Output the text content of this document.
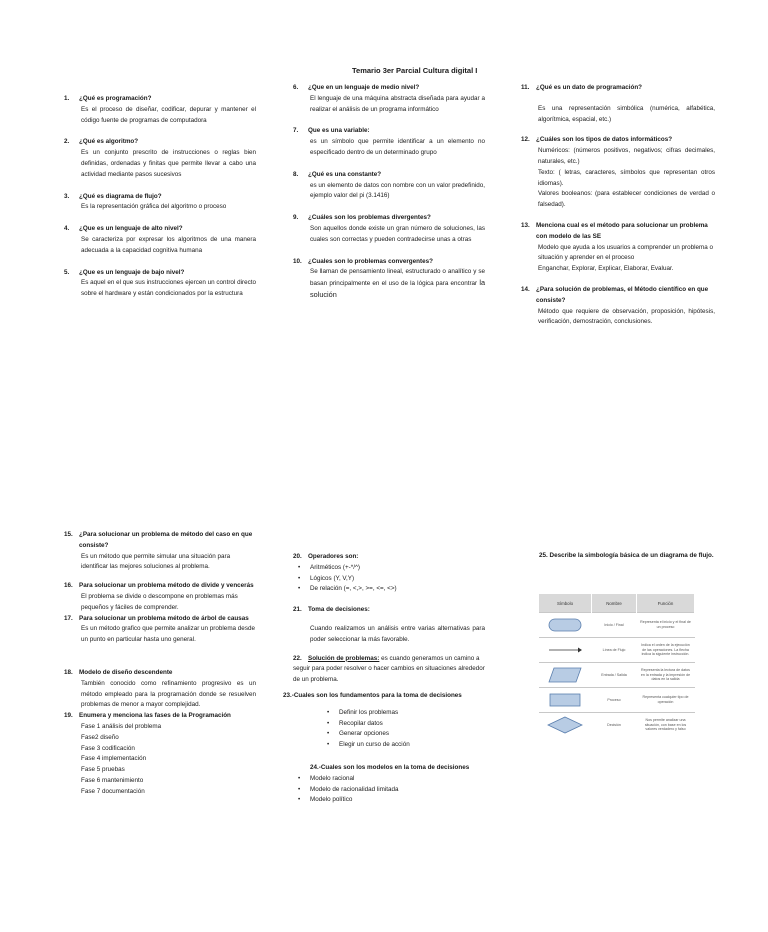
Temario 3er Parcial Cultura digital I
1.	¿Qué es programación?
Es el proceso de diseñar, codificar, depurar y mantener el código fuente de programas de computadora
2.	¿Qué es algoritmo?
Es un conjunto prescrito de instrucciones o reglas bien definidas, ordenadas y finitas que permite llevar a cabo una actividad mediante pasos sucesivos
3.	¿Qué es diagrama de flujo?
Es la representación gráfica del algoritmo o proceso
4.	¿Que es un lenguaje de alto nivel?
Se caracteriza por expresar los algoritmos de una manera adecuada a la capacidad cognitiva humana
5.	¿Que es un lenguaje de bajo nivel?
Es aquel en el que sus instrucciones ejercen un control directo sobre el hardware y están condicionados por la estructura
6.	¿Que en un lenguaje de medio nivel?
El lenguaje de una máquina abstracta diseñada para ayudar a realizar el análisis de un programa informático
7.	Que es una variable:
es un símbolo que permite identificar a un elemento no especificado dentro de un determinado grupo
8.	¿Qué es una constante?
es un elemento de datos con nombre con un valor predefinido, ejemplo valor del pi (3.1416)
9.	¿Cuáles son los problemas divergentes?
Son aquellos donde existe un gran número de soluciones, las cuales son correctas y pueden contradecirse unas a otras
10. ¿Cuales son lo problemas convergentes?
Se llaman de pensamiento lineal, estructurado o analítico y se basan principalmente en el uso de la lógica para encontrar la solución
11.	¿Qué es un dato de programación?
Es una representación simbólica (numérica, alfabética, algorítmica, espacial, etc.)
12. ¿Cuáles son los tipos de datos informáticos?
Numéricos: (números positivos, negativos; cifras decimales, naturales, etc.)
Texto: ( letras, caracteres, símbolos que representan otros idiomas).
Valores booleanos: (para establecer condiciones de verdad o falsedad).
13. Menciona cual es el método para solucionar un problema con modelo de las SE
Modelo que ayuda a los usuarios a comprender un problema o situación y aprender en el proceso
Enganchar, Explorar, Explicar, Elaborar, Evaluar.
14. ¿Para solución de problemas, el Método científico en que consiste?
Método que requiere de observación, proposición, hipótesis, verificación, demostración, conclusiones.
15. ¿Para solucionar un problema de método del caso en que consiste?
Es un método que permite simular una situación para identificar las mejores soluciones al problema.
16. Para solucionar un problema método de divide y vencerás
El problema se divide o descompone en problemas más pequeños y fáciles de comprender.
17. Para solucionar un problema método de árbol de causas
Es un método grafico que permite analizar un problema desde un punto en particular hasta uno general.
18. Modelo de diseño descendente
También conocido como refinamiento progresivo es un método empleado para la programación donde se resuelven problemas de menor a mayor complejidad.
19. Enumera y menciona las fases de la Programación
Fase 1 análisis del problema
Fase2 diseño
Fase 3 codificación
Fase 4 implementación
Fase 5 pruebas
Fase 6 mantenimiento
Fase 7 documentación
20. Operadores son:
• Aritméticos (+-*/^)
• Lógicos (Y, V,Y)
• De relación (=, <,>, >=, <=, <>)
21. Toma de decisiones:
Cuando realizamos un análisis entre varias alternativas para poder seleccionar la más favorable.
22. Solución de problemas: es cuando generamos un camino a seguir para poder resolver o hacer cambios en situaciones alrededor de un problema.
23.-Cuales son los fundamentos para la toma de decisiones
• Definir los problemas
• Recopilar datos
• Generar opciones
• Elegir un curso de acción
24.-Cuales son los modelos en la toma de decisiones
• Modelo racional
• Modelo de racionalidad limitada
• Modelo político
25. Describe la simbología básica de un diagrama de flujo.
Símbolo	Nombre	Función

	Inicio / Final	Representa el inicio y el final de un proceso

	Línea de Flujo	Indica el orden de la ejecución de las operaciones. La flecha indica la siguiente instrucción.

	Entrada / Salida	Representa la lectura de datos en la entrada y la impresión de datos en la salida

	Proceso	Representa cualquier tipo de operación

	Decisión	Nos permite analizar una situación, con base en los valores verdadero y falso
